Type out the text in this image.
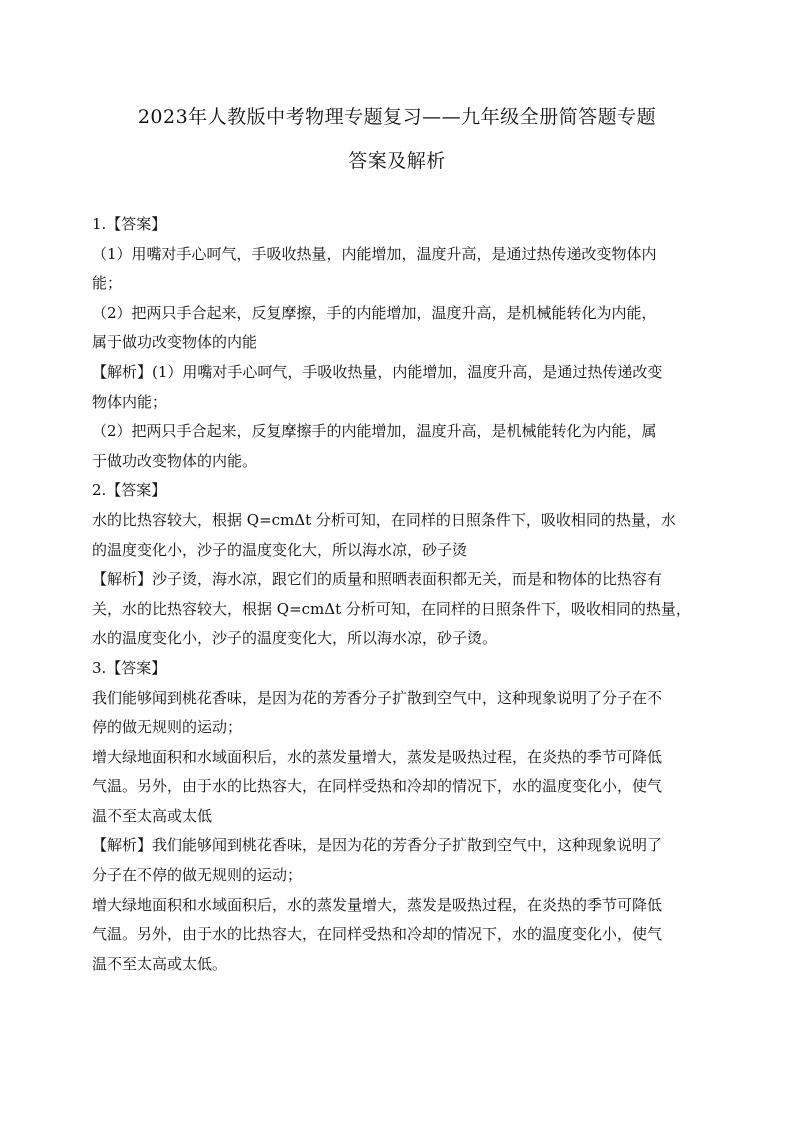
2023年人教版中考物理专题复习——九年级全册简答题专题
答案及解析
1.【答案】
（1）用嘴对手心呵气，手吸收热量，内能增加，温度升高，是通过热传递改变物体内
能；
（2）把两只手合起来，反复摩擦，手的内能增加，温度升高，是机械能转化为内能，
属于做功改变物体的内能
【解析】(1）用嘴对手心呵气，手吸收热量，内能增加，温度升高，是通过热传递改变
物体内能；
（2）把两只手合起来，反复摩擦手的内能增加，温度升高，是机械能转化为内能，属
于做功改变物体的内能。
2.【答案】
水的比热容较大，根据 Q=cmΔt 分析可知，在同样的日照条件下，吸收相同的热量，水
的温度变化小，沙子的温度变化大，所以海水凉，砂子烫
【解析】沙子烫，海水凉，跟它们的质量和照晒表面积都无关，而是和物体的比热容有
关，水的比热容较大，根据 Q=cmΔt 分析可知，在同样的日照条件下，吸收相同的热量，
水的温度变化小，沙子的温度变化大，所以海水凉，砂子烫。
3.【答案】
我们能够闻到桃花香味，是因为花的芳香分子扩散到空气中，这种现象说明了分子在不
停的做无规则的运动；
增大绿地面积和水域面积后，水的蒸发量增大，蒸发是吸热过程，在炎热的季节可降低
气温。另外，由于水的比热容大，在同样受热和冷却的情况下，水的温度变化小，使气
温不至太高或太低
【解析】我们能够闻到桃花香味，是因为花的芳香分子扩散到空气中，这种现象说明了
分子在不停的做无规则的运动；
增大绿地面积和水域面积后，水的蒸发量增大，蒸发是吸热过程，在炎热的季节可降低
气温。另外，由于水的比热容大，在同样受热和冷却的情况下，水的温度变化小，使气
温不至太高或太低。
